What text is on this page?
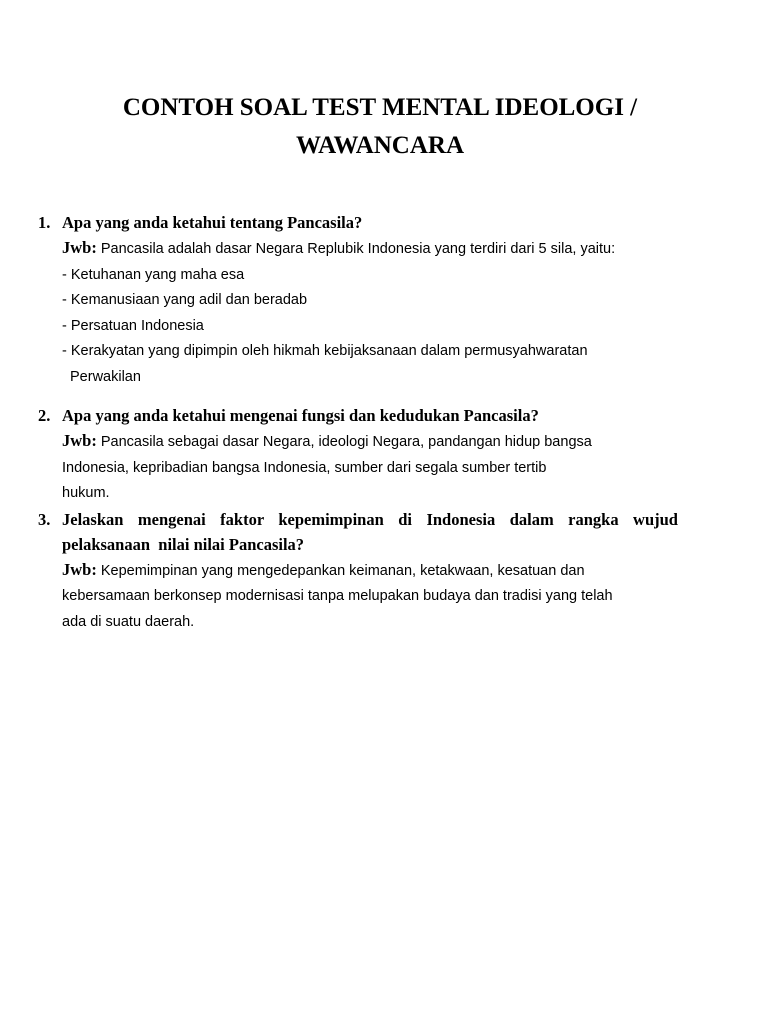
CONTOH SOAL TEST MENTAL IDEOLOGI /
WAWANCARA
1. Apa yang anda ketahui tentang Pancasila?

Jwb: Pancasila adalah dasar Negara Replubik Indonesia yang terdiri dari 5 sila, yaitu:

- Ketuhanan yang maha esa

- Kemanusiaan yang adil dan beradab

- Persatuan Indonesia

- Kerakyatan yang dipimpin oleh hikmah kebijaksanaan dalam permusyahwaratan

Perwakilan

2. Apa yang anda ketahui mengenai fungsi dan kedudukan Pancasila?

Jwb: Pancasila sebagai dasar Negara, ideologi Negara, pandangan hidup bangsa

Indonesia, kepribadian bangsa Indonesia, sumber dari segala sumber tertib

hukum.

3. Jelaskan mengenai faktor kepemimpinan di Indonesia dalam rangka wujud

pelaksanaan  nilai nilai Pancasila?

Jwb: Kepemimpinan yang mengedepankan keimanan, ketakwaan, kesatuan dan

kebersamaan berkonsep modernisasi tanpa melupakan budaya dan tradisi yang telah

ada di suatu daerah.
